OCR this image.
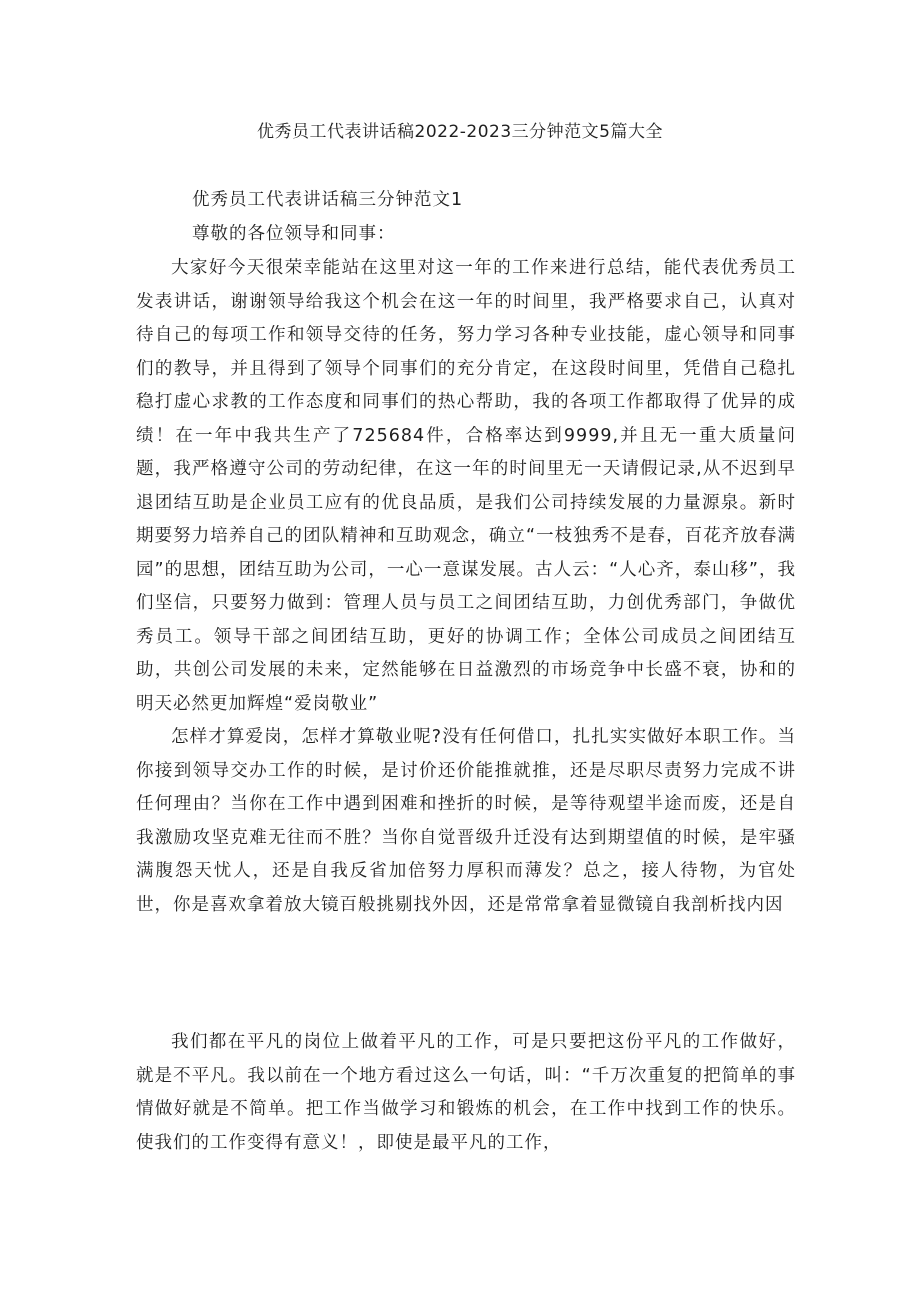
优秀员工代表讲话稿2022-2023三分钟范文5篇大全
优秀员工代表讲话稿三分钟范文1
尊敬的各位领导和同事：

大家好今天很荣幸能站在这里对这一年的工作来进行总结，能代表优秀员工发表讲话，谢谢领导给我这个机会在这一年的时间里，我严格要求自己，认真对待自己的每项工作和领导交待的任务，努力学习各种专业技能，虚心领导和同事们的教导，并且得到了领导个同事们的充分肯定，在这段时间里，凭借自己稳扎稳打虚心求教的工作态度和同事们的热心帮助，我的各项工作都取得了优异的成绩！在一年中我共生产了725684件，合格率达到9999,并且无一重大质量问题，我严格遵守公司的劳动纪律，在这一年的时间里无一天请假记录,从不迟到早退团结互助是企业员工应有的优良品质，是我们公司持续发展的力量源泉。新时期要努力培养自己的团队精神和互助观念，确立“一枝独秀不是春，百花齐放春满园”的思想，团结互助为公司，一心一意谋发展。古人云：“人心齐，泰山移”，我们坚信，只要努力做到：管理人员与员工之间团结互助，力创优秀部门，争做优秀员工。领导干部之间团结互助，更好的协调工作；全体公司成员之间团结互助，共创公司发展的未来，定然能够在日益激烈的市场竞争中长盛不衰，协和的明天必然更加辉煌“爱岗敬业”

怎样才算爱岗，怎样才算敬业呢?没有任何借口，扎扎实实做好本职工作。当你接到领导交办工作的时候，是讨价还价能推就推，还是尽职尽责努力完成不讲任何理由？当你在工作中遇到困难和挫折的时候，是等待观望半途而废，还是自我激励攻坚克难无往而不胜？当你自觉晋级升迁没有达到期望值的时候，是牢骚满腹怨天忧人，还是自我反省加倍努力厚积而薄发？总之，接人待物，为官处世，你是喜欢拿着放大镜百般挑剔找外因，还是常常拿着显微镜自我剖析找内因

我们都在平凡的岗位上做着平凡的工作，可是只要把这份平凡的工作做好，就是不平凡。我以前在一个地方看过这么一句话，叫：“千万次重复的把简单的事情做好就是不简单。把工作当做学习和锻炼的机会，在工作中找到工作的快乐。使我们的工作变得有意义！，即使是最平凡的工作，
